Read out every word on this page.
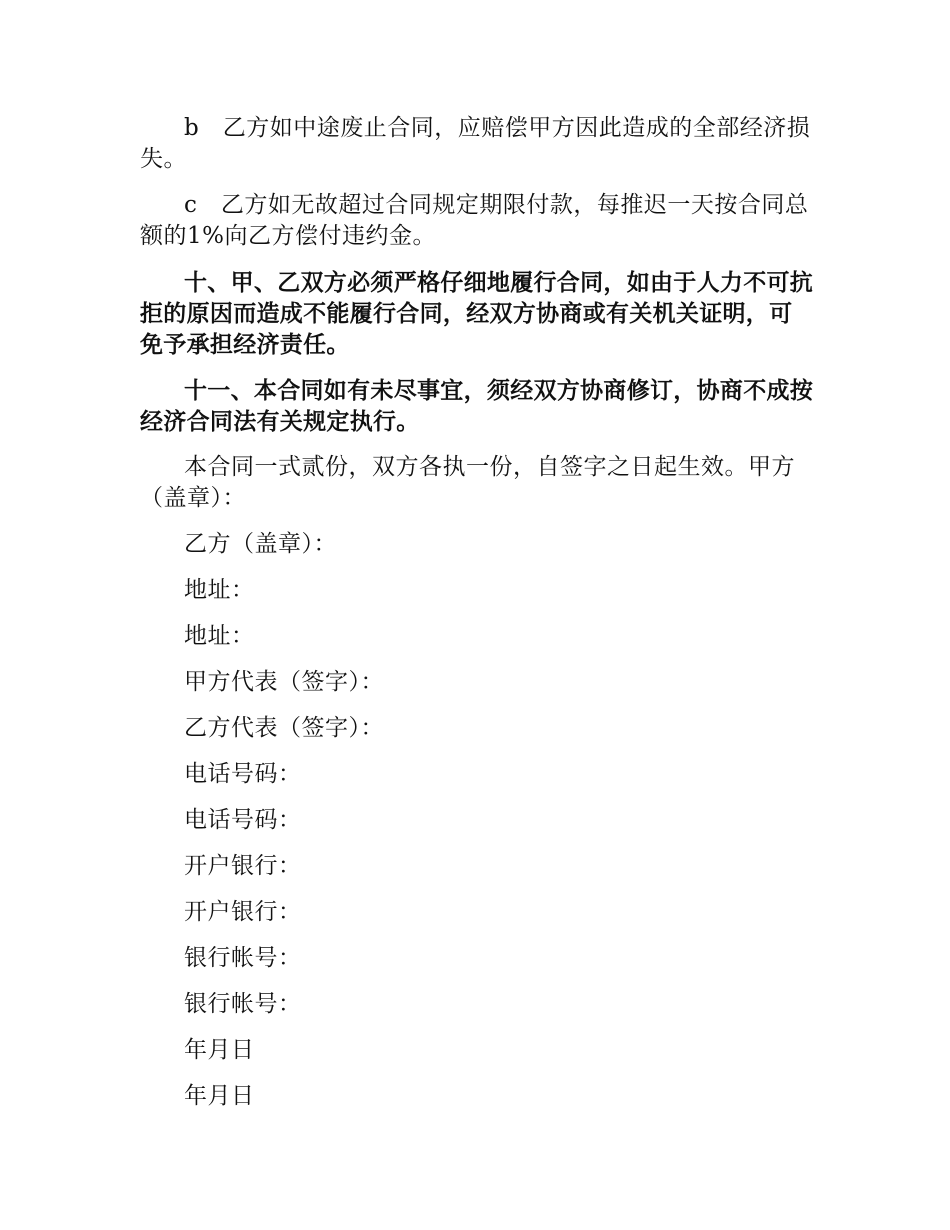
b　 乙方如中途废止合同，应赔偿甲方因此造成的全部经济损失。

c　 乙方如无故超过合同规定期限付款，每推迟一天按合同总额的1%向乙方偿付违约金。

十、甲、乙双方必须严格仔细地履行合同，如由于人力不可抗拒的原因而造成不能履行合同，经双方协商或有关机关证明，可免予承担经济责任。

十一、本合同如有未尽事宜，须经双方协商修订，协商不成按经济合同法有关规定执行。

本合同一式贰份，双方各执一份，自签字之日起生效。甲方（盖章）：

乙方（盖章）：
地址：
地址：
甲方代表（签字）：
乙方代表（签字）：
电话号码：
电话号码：
开户银行：
开户银行：
银行帐号：
银行帐号：
年月日
年月日
